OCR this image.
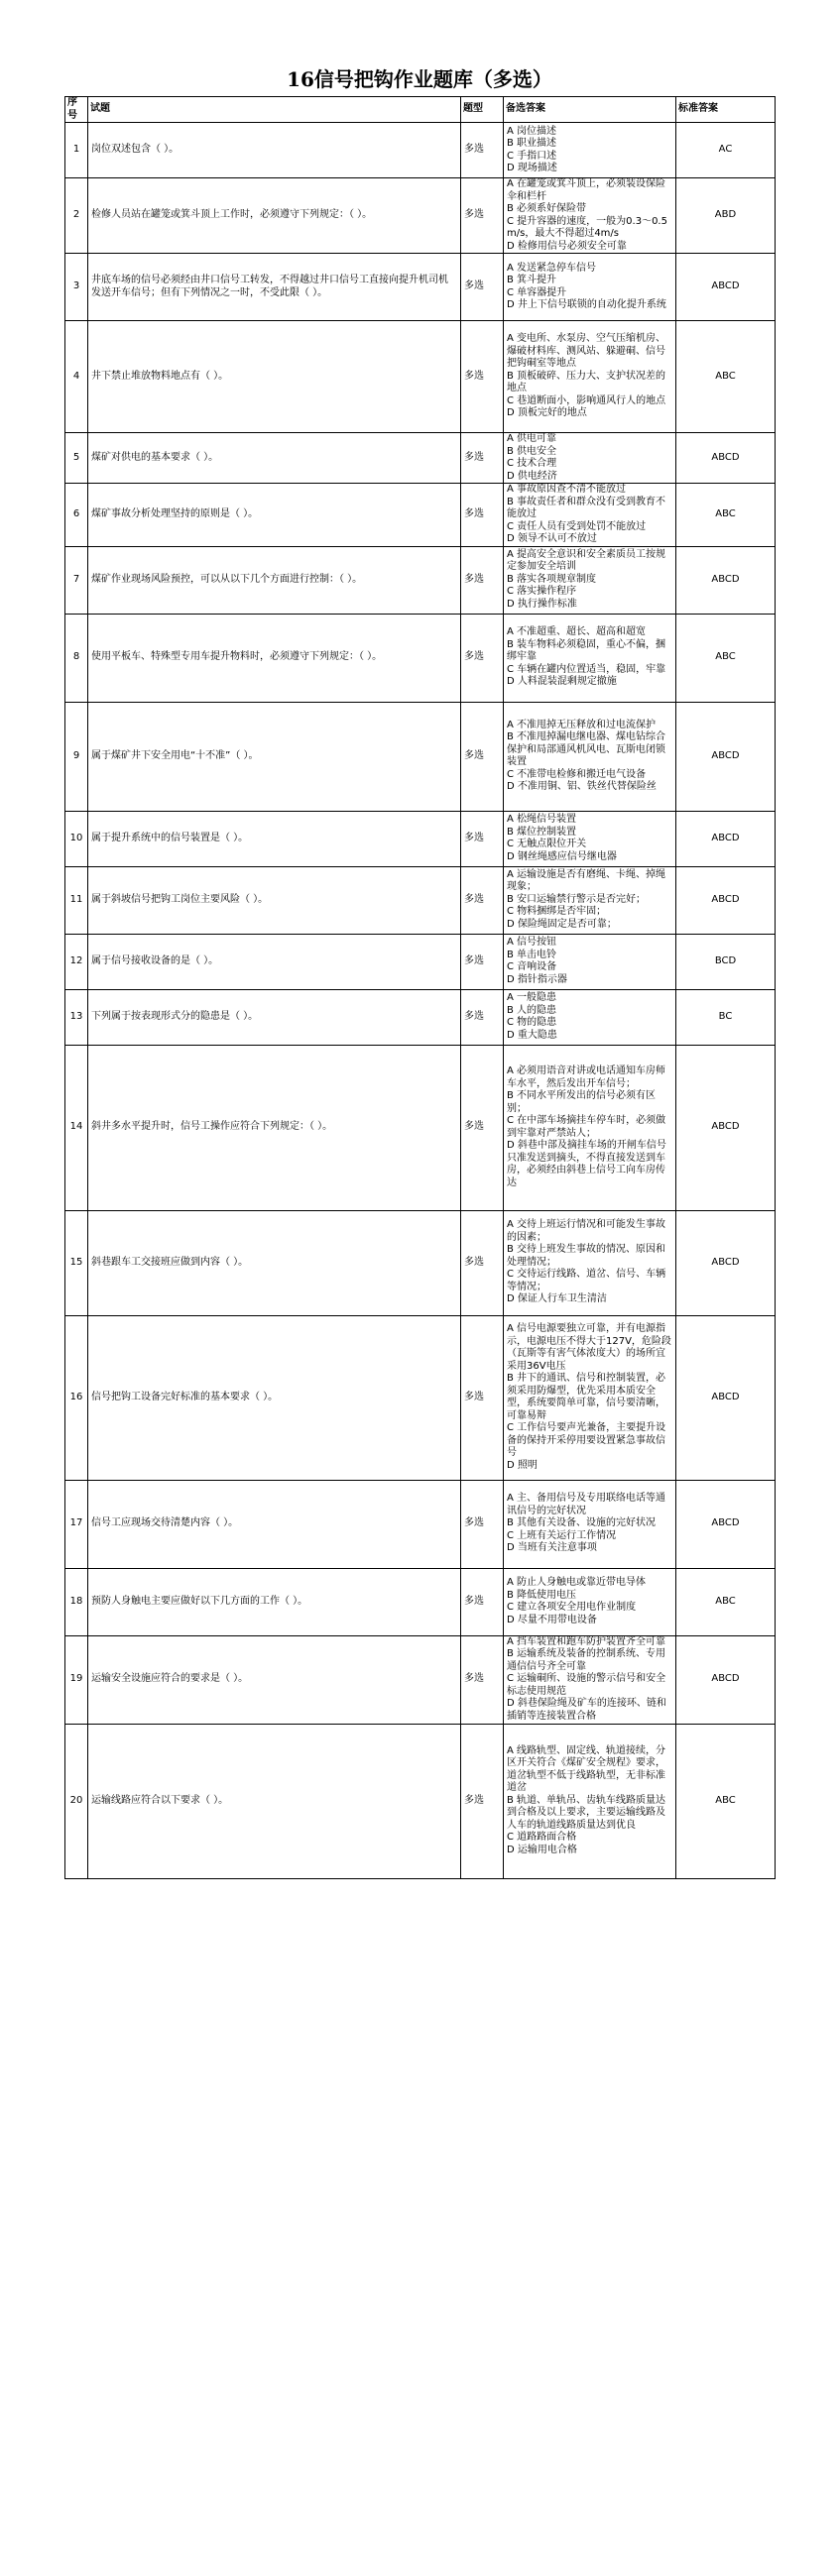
16信号把钩作业题库（多选）
序号	试题	题型	备选答案	标准答案
1	岗位双述包含（ ）。	多选	A 岗位描述
B 职业描述
C 手指口述
D 现场描述	AC
2	检修人员站在罐笼或箕斗顶上工作时，必须遵守下列规定：（ ）。	多选	A 在罐笼或箕斗顶上，必须装设保险伞和栏杆
B 必须系好保险带
C 提升容器的速度，一般为0.3～0.5m/s，最大不得超过4m/s
D 检修用信号必须安全可靠	ABD
3	井底车场的信号必须经由井口信号工转发，不得越过井口信号工直接向提升机司机发送开车信号；但有下列情况之一时，不受此限（ ）。	多选	A 发送紧急停车信号
B 箕斗提升
C 单容器提升
D 井上下信号联锁的自动化提升系统	ABCD
4	井下禁止堆放物料地点有（ ）。	多选	A 变电所、水泵房、空气压缩机房、爆破材料库、测风站、躲避硐、信号把钩硐室等地点
B 顶板破碎、压力大、支护状况差的地点
C 巷道断面小，影响通风行人的地点
D 顶板完好的地点	ABC
5	煤矿对供电的基本要求（ ）。	多选	A 供电可靠
B 供电安全
C 技术合理
D 供电经济	ABCD
6	煤矿事故分析处理坚持的原则是（ ）。	多选	A 事故原因查不清不能放过
B 事故责任者和群众没有受到教育不能放过
C 责任人员有受到处罚不能放过
D 领导不认可不放过	ABC
7	煤矿作业现场风险预控，可以从以下几个方面进行控制：（ ）。	多选	A 提高安全意识和安全素质员工按规定参加安全培训
B 落实各项规章制度
C 落实操作程序
D 执行操作标准	ABCD
8	使用平板车、特殊型专用车提升物料时，必须遵守下列规定：（ ）。	多选	A 不准超重、超长、超高和超宽
B 装车物料必须稳固，重心不偏，捆绑牢靠
C 车辆在罐内位置适当，稳固，牢靠
D 人料混装混剩规定撤施	ABC
9	属于煤矿井下安全用电“十不准”（ ）。	多选	A 不准甩掉无压释放和过电流保护
B 不准甩掉漏电继电器、煤电钻综合保护和局部通风机风电、瓦斯电闭锁装置
C 不准带电检修和搬迁电气设备
D 不准用铜、铝、铁丝代替保险丝	ABCD
10	属于提升系统中的信号装置是（ ）。	多选	A 松绳信号装置
B 煤位控制装置
C 无触点限位开关
D 钢丝绳感应信号继电器	ABCD
11	属于斜坡信号把钩工岗位主要风险（ ）。	多选	A 运输设施是否有磨绳、卡绳、掉绳现象；
B 安口运输禁行警示是否完好；
C 物料捆绑是否牢固；
D 保险绳固定是否可靠；	ABCD
12	属于信号接收设备的是（ ）。	多选	A 信号按钮
B 单击电铃
C 音响设备
D 指针指示器	BCD
13	下列属于按表现形式分的隐患是（ ）。	多选	A 一般隐患
B 人的隐患
C 物的隐患
D 重大隐患	BC
14	斜井多水平提升时，信号工操作应符合下列规定：（ ）。	多选	A 必须用语音对讲或电话通知车房师车水平，然后发出开车信号；
B 不同水平所发出的信号必须有区别；
C 在中部车场摘挂车停车时，必须做到牢靠对严禁站人；
D 斜巷中部及摘挂车场的开闸车信号只准发送到摘头，不得直接发送到车房，必须经由斜巷上信号工向车房传达	ABCD
15	斜巷跟车工交接班应做到内容（ ）。	多选	A 交待上班运行情况和可能发生事故的因素；
B 交待上班发生事故的情况、原因和处理情况；
C 交待运行线路、道岔、信号、车辆等情况；
D 保证人行车卫生清洁	ABCD
16	信号把钩工设备完好标准的基本要求（ ）。	多选	A 信号电源要独立可靠，并有电源指示，电源电压不得大于127V，危险段（瓦斯等有害气体浓度大）的场所宜采用36V电压
B 井下的通讯、信号和控制装置，必须采用防爆型，优先采用本质安全型，系统要简单可靠，信号要清晰，可靠易辩
C 工作信号要声光兼备，主要提升设备的保持开采停用要设置紧急事故信号
D 照明	ABCD
17	信号工应现场交待清楚内容（ ）。	多选	A 主、备用信号及专用联络电话等通讯信号的完好状况
B 其他有关设备、设施的完好状况
C 上班有关运行工作情况
D 当班有关注意事项	ABCD
18	预防人身触电主要应做好以下几方面的工作（ ）。	多选	A 防止人身触电或靠近带电导体
B 降低使用电压
C 建立各项安全用电作业制度
D 尽量不用带电设备	ABC
19	运输安全设施应符合的要求是（ ）。	多选	A 挡车装置和跑车防护装置齐全可靠
B 运输系统及装备的控制系统、专用通信信号齐全可靠
C 运输硐所、设施的警示信号和安全标志使用规范
D 斜巷保险绳及矿车的连接环、链和插销等连接装置合格	ABCD
20	运输线路应符合以下要求（ ）。	多选	A 线路轨型、固定线、轨道接续，分区开关符合《煤矿安全规程》要求，道岔轨型不低于线路轨型，无非标准道岔
B 轨道、单轨吊、齿轨车线路质量达到合格及以上要求，主要运输线路及人车的轨道线路质量达到优良
C 道路路面合格
D 运输用电合格	ABC
